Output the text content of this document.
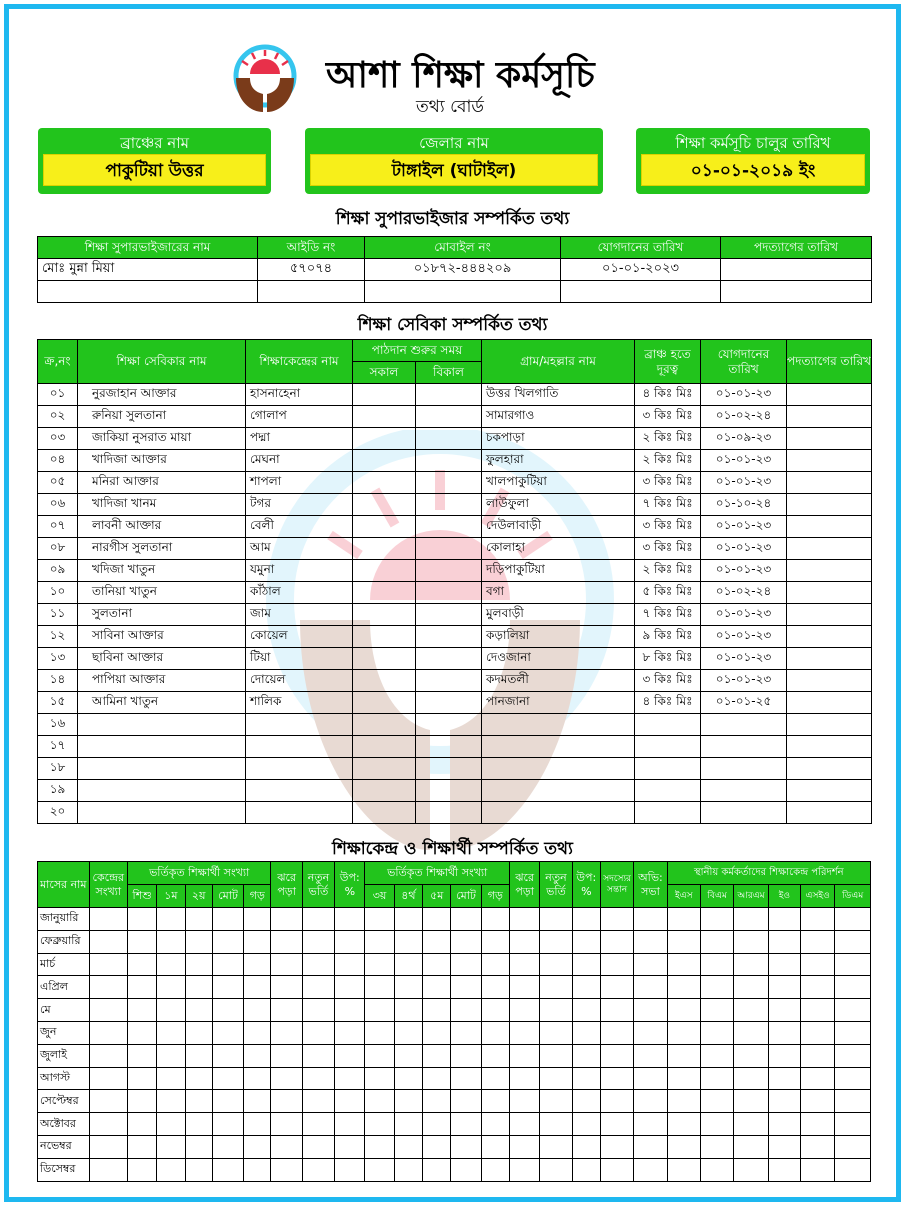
আশা শিক্ষা কর্মসূচি
তথ্য বোর্ড
ব্রাঞ্চের নাম
পাকুটিয়া উত্তর
জেলার নাম
টাঙ্গাইল (ঘাটাইল)
শিক্ষা কর্মসূচি চালুর তারিখ
০১-০১-২০১৯ ইং
শিক্ষা সুপারভাইজার সম্পর্কিত তথ্য
শিক্ষা সুপারভাইজারের নাম	আইডি নং	মোবাইল নং	যোগদানের তারিখ	পদত্যাগের তারিখ
মোঃ মুন্না মিয়া	৫৭০৭৪	০১৮৭২-৪৪৪২০৯	০১-০১-২০২৩	

শিক্ষা সেবিকা সম্পর্কিত তথ্য
ক্র,নং	শিক্ষা সেবিকার নাম	শিক্ষাকেন্দ্রের নাম	পাঠদান শুরুর সময়		গ্রাম/মহল্লার নাম	ব্রাঞ্চ হতে দূরত্ব	যোগদানের তারিখ	পদত্যাগের তারিখ
			সকাল	বিকাল				
০১	নুরজাহান আক্তার	হাসনাহেনা			উত্তর খিলগাতি	৪ কিঃ মিঃ	০১-০১-২৩	
০২	রুনিয়া সুলতানা	গোলাপ			সামারগাও	৩ কিঃ মিঃ	০১-০২-২৪	
০৩	জাকিয়া নুসরাত মায়া	পদ্মা			চকপাড়া	২ কিঃ মিঃ	০১-০৯-২৩	
০৪	খাদিজা আক্তার	মেঘনা			ফুলহারা	২ কিঃ মিঃ	০১-০১-২৩	
০৫	মনিরা আক্তার	শাপলা			খালপাকুটিয়া	৩ কিঃ মিঃ	০১-০১-২৩	
০৬	খাদিজা খানম	টগর			লাউফুলা	৭ কিঃ মিঃ	০১-১০-২৪	
০৭	লাবনী আক্তার	বেলী			দেউলাবাড়ী	৩ কিঃ মিঃ	০১-০১-২৩	
০৮	নারগীস সুলতানা	আম			কোলাহা	৩ কিঃ মিঃ	০১-০১-২৩	
০৯	খদিজা খাতুন	যমুনা			দড়িপাকুটিয়া	২ কিঃ মিঃ	০১-০১-২৩	
১০	তানিয়া খাতুন	কাঁঠাল			বগা	৫ কিঃ মিঃ	০১-০২-২৪	
১১	সুলতানা	জাম			মুলবাড়ী	৭ কিঃ মিঃ	০১-০১-২৩	
১২	সাবিনা আক্তার	কোয়েল			কড়ালিয়া	৯ কিঃ মিঃ	০১-০১-২৩	
১৩	ছাবিনা আক্তার	টিয়া			দেওজানা	৮ কিঃ মিঃ	০১-০১-২৩	
১৪	পাপিয়া আক্তার	দোয়েল			কদমতলী	৩ কিঃ মিঃ	০১-০১-২৩	
১৫	আমিনা খাতুন	শালিক			পানজানা	৪ কিঃ মিঃ	০১-০১-২৫	
১৬								
১৭								
১৮								
১৯								
২০								
শিক্ষাকেন্দ্র ও শিক্ষার্থী সম্পর্কিত তথ্য
মাসের নাম	কেন্দ্রের সংখ্যা	ভর্তিকৃত শিক্ষার্থী সংখ্যা					ঝরে পড়া	নতুন ভর্তি	উপ: %	ভর্তিকৃত শিক্ষার্থী সংখ্যা					ঝরে পড়া	নতুন ভর্তি	উপ: %	সদস্যের সন্তান	অভি: সভা	স্থানীয় কর্মকর্তাদের শিক্ষাকেন্দ্র পরিদর্শন					
		শিশু	১ম	২য়	মোট	গড়				৩য়	৪র্থ	৫ম	মোট	গড়						ইএস	বিএম	আরএম	ইও	এসইও	ডিএম
জানুয়ারি																									
ফেব্রুয়ারি																									
মার্চ																									
এপ্রিল																									
মে																									
জুন																									
জুলাই																									
আগস্ট																									
সেপ্টেম্বর																									
অক্টোবর																									
নভেম্বর																									
ডিসেম্বর																									
